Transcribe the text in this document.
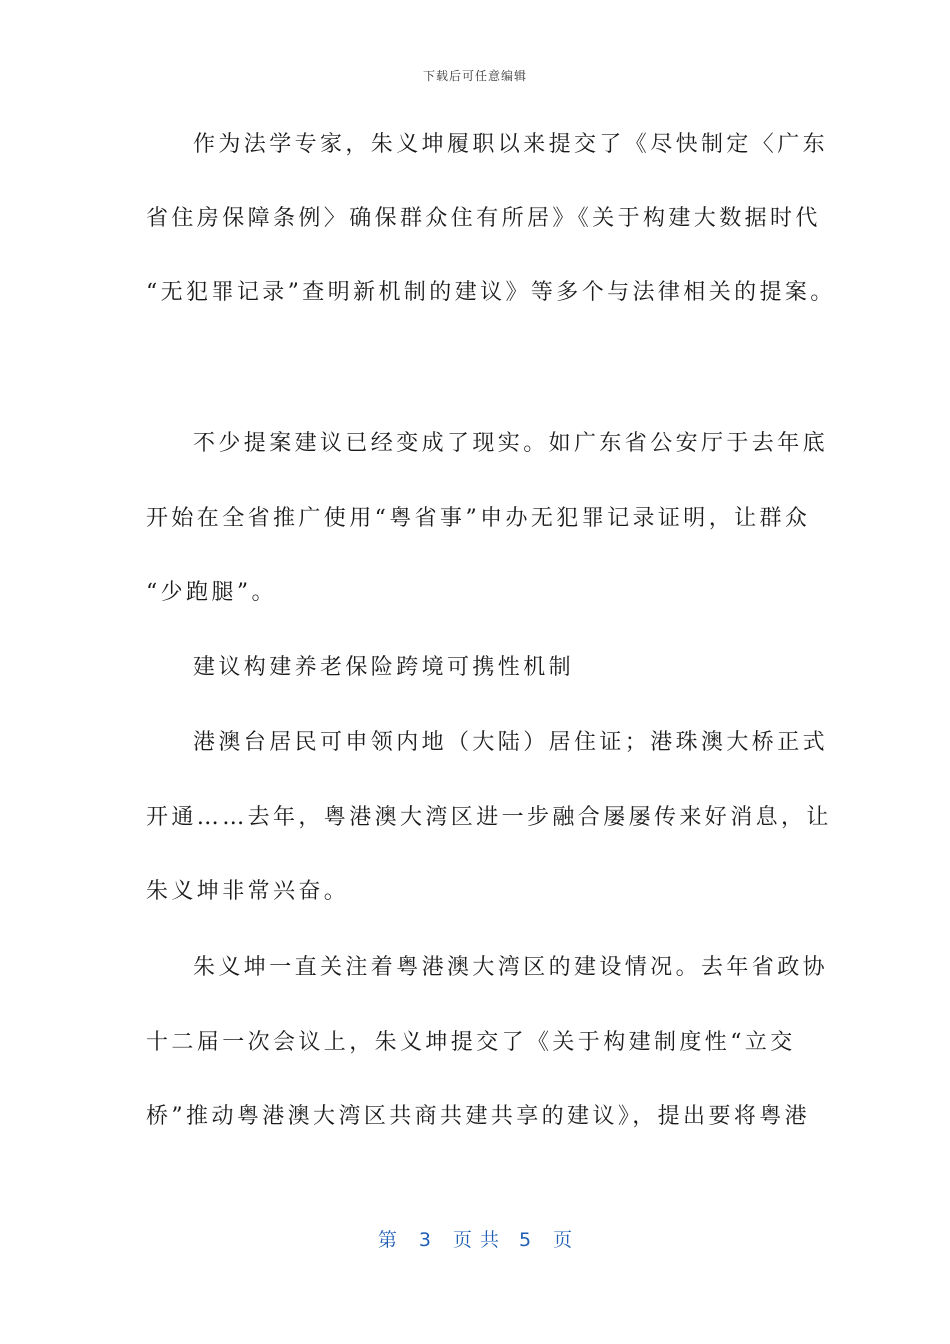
下载后可任意编辑
作为法学专家，朱义坤履职以来提交了《尽快制定〈广东
省住房保障条例〉确保群众住有所居》《关于构建大数据时代
“无犯罪记录”查明新机制的建议》等多个与法律相关的提案。
不少提案建议已经变成了现实。如广东省公安厅于去年底
开始在全省推广使用“粤省事”申办无犯罪记录证明，让群众
“少跑腿”。
建议构建养老保险跨境可携性机制
港澳台居民可申领内地（大陆）居住证；港珠澳大桥正式
开通……去年，粤港澳大湾区进一步融合屡屡传来好消息，让
朱义坤非常兴奋。
朱义坤一直关注着粤港澳大湾区的建设情况。去年省政协
十二届一次会议上，朱义坤提交了《关于构建制度性“立交
桥”推动粤港澳大湾区共商共建共享的建议》，提出要将粤港
第 3 页共 5 页
